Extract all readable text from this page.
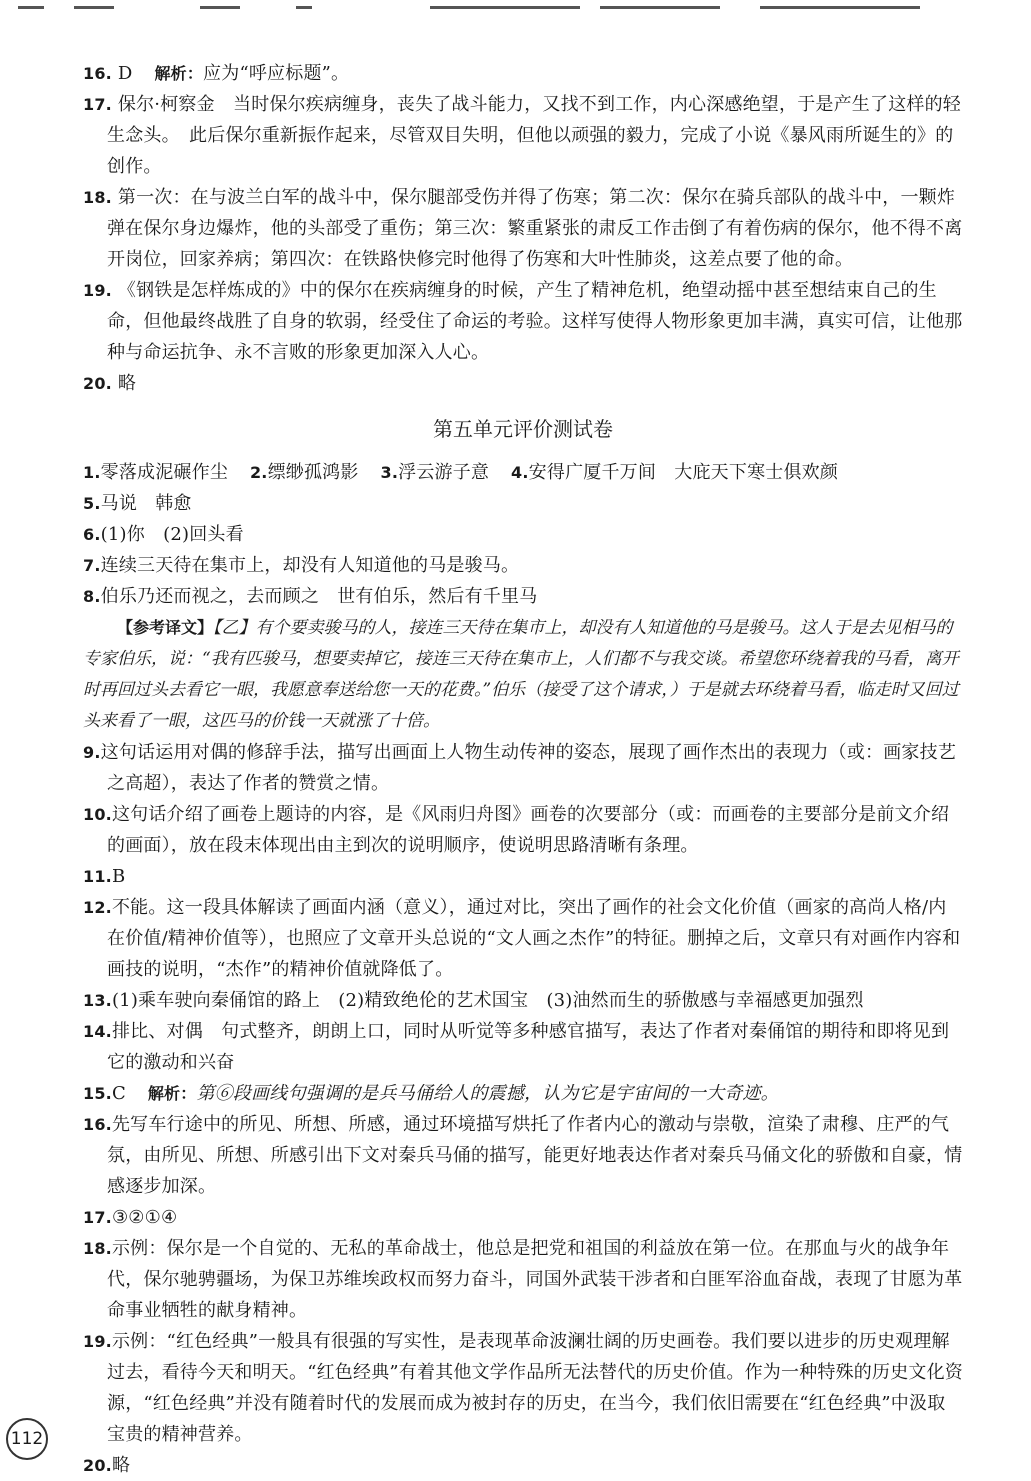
16. D 解析：应为“呼应标题”。

17. 保尔·柯察金　当时保尔疾病缠身，丧失了战斗能力，又找不到工作，内心深感绝望，于是产生了这样的轻生念头。　此后保尔重新振作起来，尽管双目失明，但他以顽强的毅力，完成了小说《暴风雨所诞生的》的创作。

18. 第一次：在与波兰白军的战斗中，保尔腿部受伤并得了伤寒；第二次：保尔在骑兵部队的战斗中，一颗炸弹在保尔身边爆炸，他的头部受了重伤；第三次：繁重紧张的肃反工作击倒了有着伤病的保尔，他不得不离开岗位，回家养病；第四次：在铁路快修完时他得了伤寒和大叶性肺炎，这差点要了他的命。

19. 《钢铁是怎样炼成的》中的保尔在疾病缠身的时候，产生了精神危机，绝望动摇中甚至想结束自己的生命，但他最终战胜了自身的软弱，经受住了命运的考验。这样写使得人物形象更加丰满，真实可信，让他那种与命运抗争、永不言败的形象更加深入人心。

20. 略

第五单元评价测试卷

1.零落成泥碾作尘 2.缥缈孤鸿影 3.浮云游子意 4.安得广厦千万间　大庇天下寒士俱欢颜

5.马说　韩愈

6.(1)你　(2)回头看

7.连续三天待在集市上，却没有人知道他的马是骏马。

8.伯乐乃还而视之，去而顾之　世有伯乐，然后有千里马

【参考译文】【乙】有个要卖骏马的人，接连三天待在集市上，却没有人知道他的马是骏马。这人于是去见相马的专家伯乐，说：“我有匹骏马，想要卖掉它，接连三天待在集市上，人们都不与我交谈。希望您环绕着我的马看，离开时再回过头去看它一眼，我愿意奉送给您一天的花费。”伯乐（接受了这个请求，）于是就去环绕着马看，临走时又回过头来看了一眼，这匹马的价钱一天就涨了十倍。

9.这句话运用对偶的修辞手法，描写出画面上人物生动传神的姿态，展现了画作杰出的表现力（或：画家技艺之高超），表达了作者的赞赏之情。

10.这句话介绍了画卷上题诗的内容，是《风雨归舟图》画卷的次要部分（或：而画卷的主要部分是前文介绍的画面），放在段末体现出由主到次的说明顺序，使说明思路清晰有条理。

11.B

12.不能。这一段具体解读了画面内涵（意义），通过对比，突出了画作的社会文化价值（画家的高尚人格/内在价值/精神价值等），也照应了文章开头总说的“文人画之杰作”的特征。删掉之后，文章只有对画作内容和画技的说明，“杰作”的精神价值就降低了。

13.(1)乘车驶向秦俑馆的路上　(2)精致绝伦的艺术国宝　(3)油然而生的骄傲感与幸福感更加强烈

14.排比、对偶　句式整齐，朗朗上口，同时从听觉等多种感官描写，表达了作者对秦俑馆的期待和即将见到它的激动和兴奋

15.C 解析：第⑥段画线句强调的是兵马俑给人的震撼，认为它是宇宙间的一大奇迹。

16.先写车行途中的所见、所想、所感，通过环境描写烘托了作者内心的激动与崇敬，渲染了肃穆、庄严的气氛，由所见、所想、所感引出下文对秦兵马俑的描写，能更好地表达作者对秦兵马俑文化的骄傲和自豪，情感逐步加深。

17.③②①④

18.示例：保尔是一个自觉的、无私的革命战士，他总是把党和祖国的利益放在第一位。在那血与火的战争年代，保尔驰骋疆场，为保卫苏维埃政权而努力奋斗，同国外武装干涉者和白匪军浴血奋战，表现了甘愿为革命事业牺牲的献身精神。

19.示例：“红色经典”一般具有很强的写实性，是表现革命波澜壮阔的历史画卷。我们要以进步的历史观理解过去，看待今天和明天。“红色经典”有着其他文学作品所无法替代的历史价值。作为一种特殊的历史文化资源，“红色经典”并没有随着时代的发展而成为被封存的历史，在当今，我们依旧需要在“红色经典”中汲取宝贵的精神营养。

20.略

112
